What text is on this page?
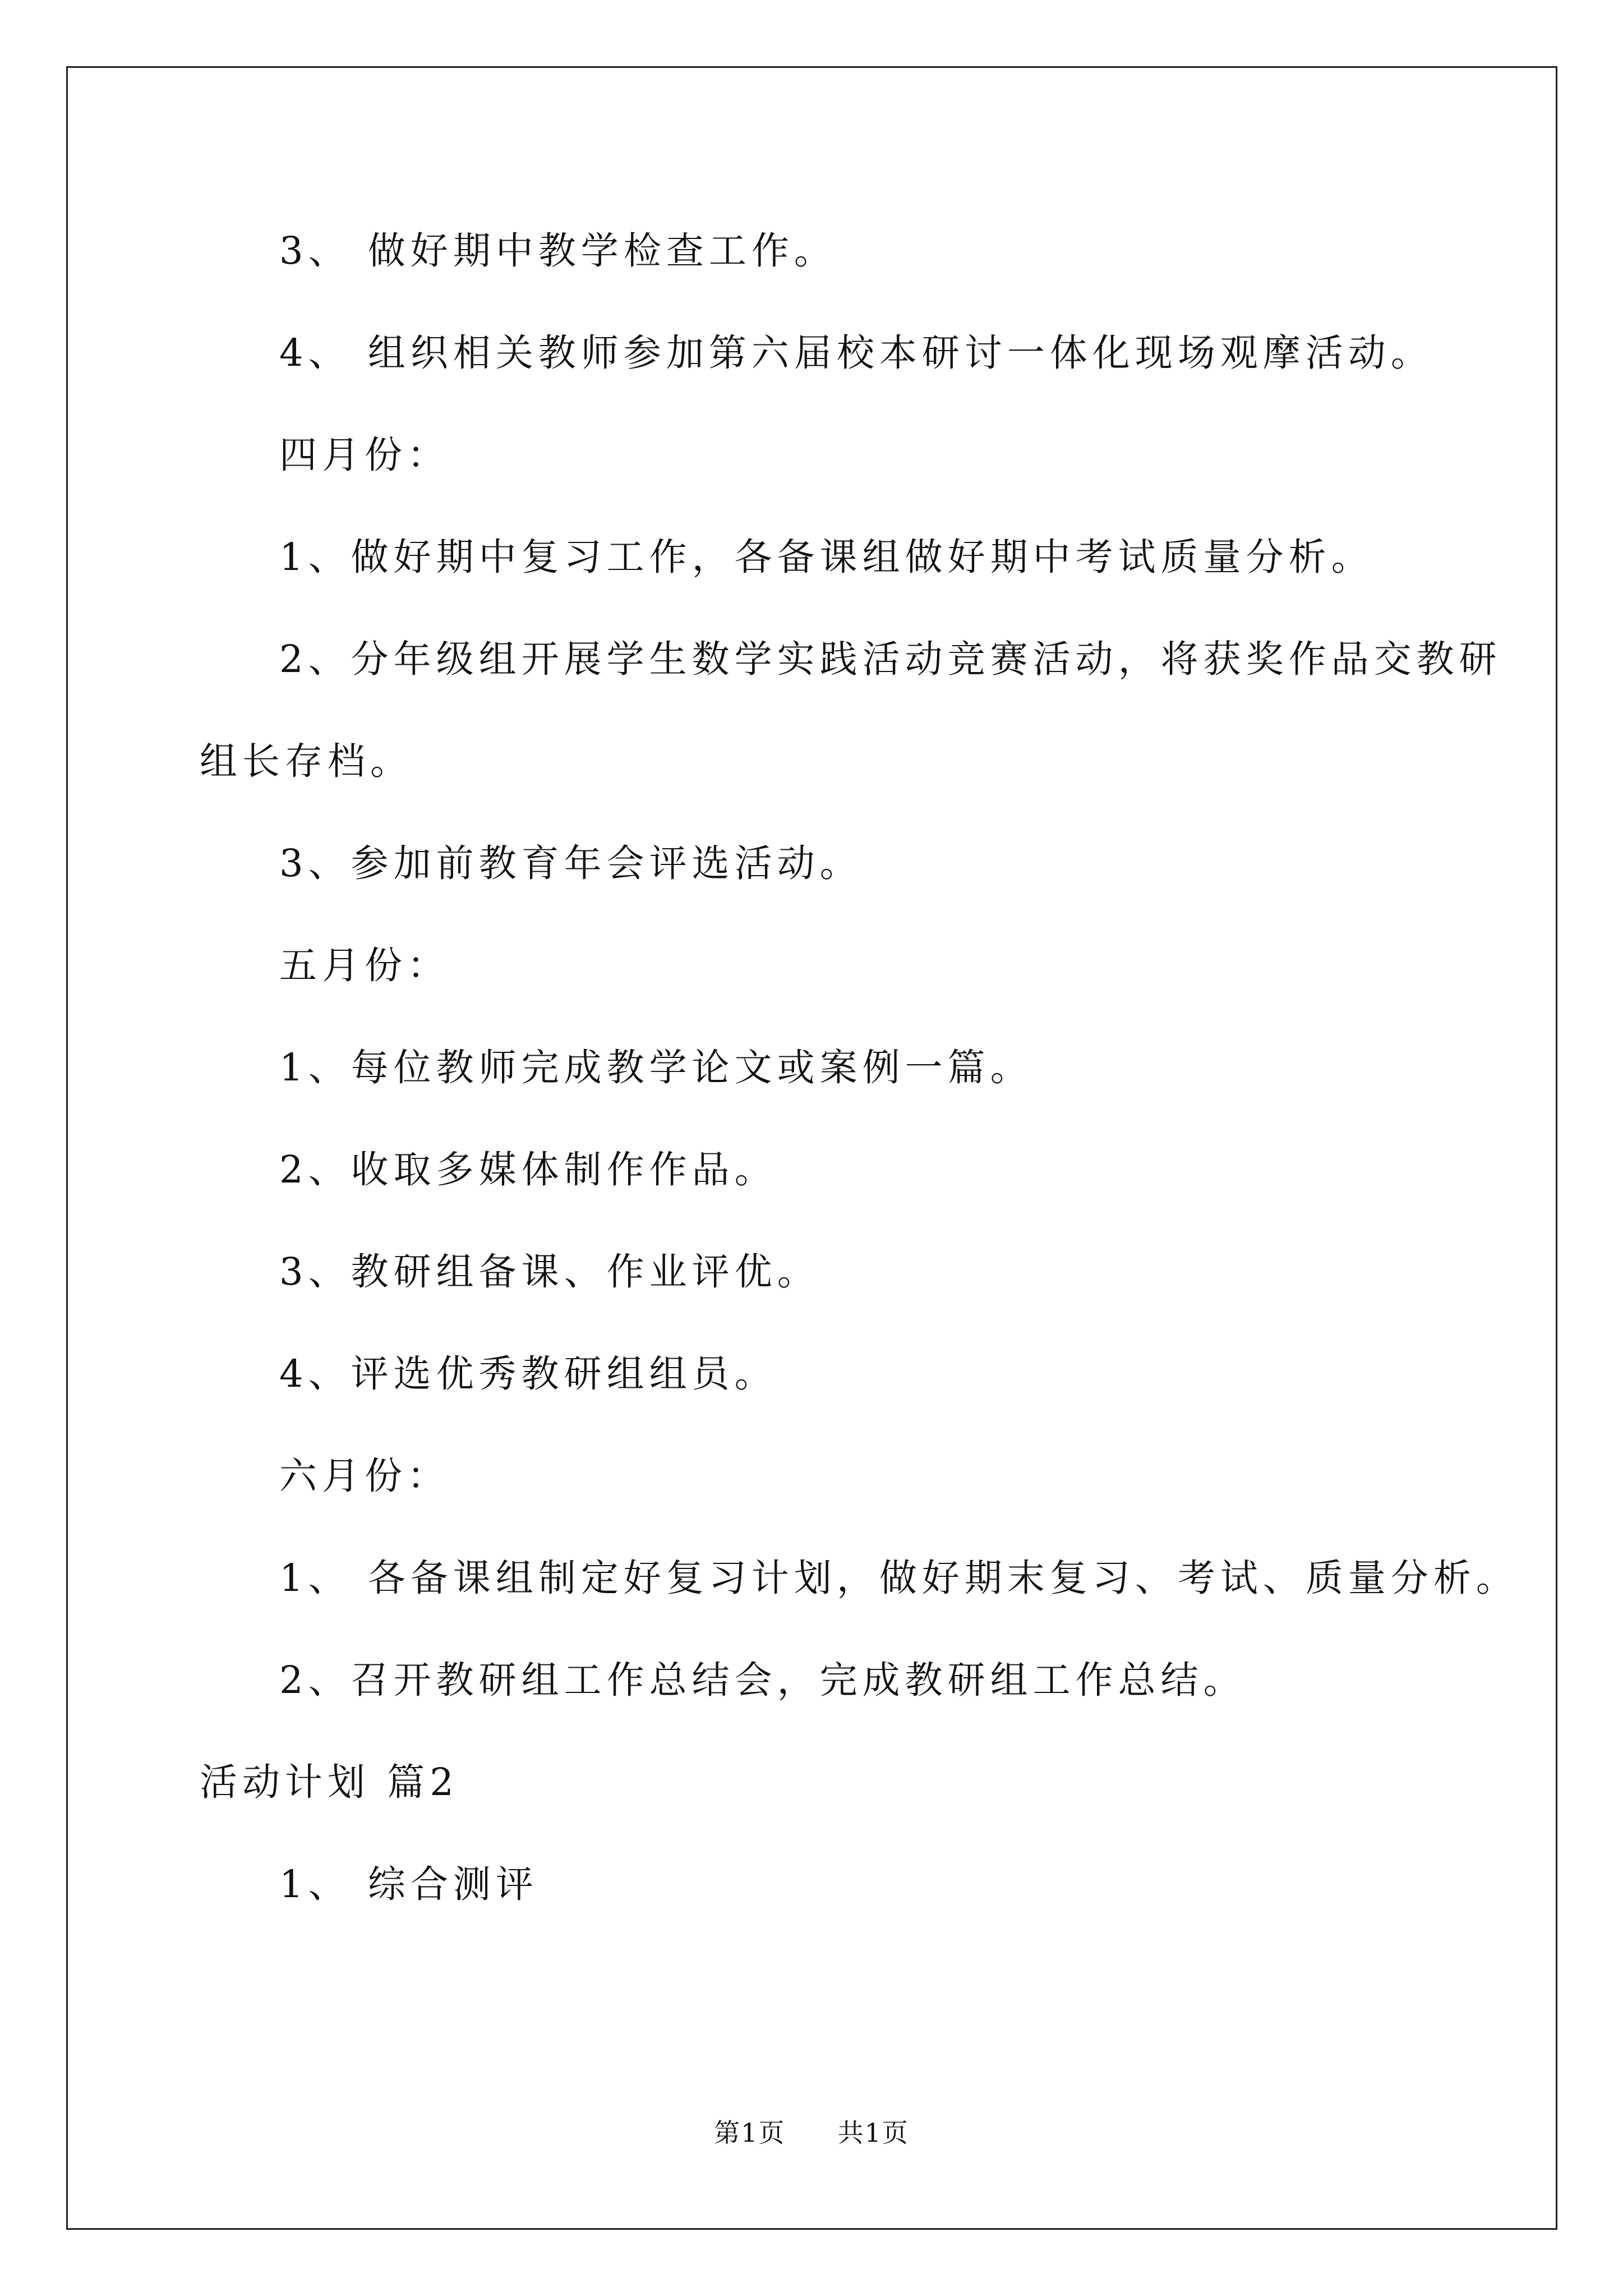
3、 做好期中教学检查工作。
4、 组织相关教师参加第六届校本研讨一体化现场观摩活动。
四月份：
1、做好期中复习工作，各备课组做好期中考试质量分析。
2、分年级组开展学生数学实践活动竞赛活动，将获奖作品交教研
组长存档。
3、参加前教育年会评选活动。
五月份：
1、每位教师完成教学论文或案例一篇。
2、收取多媒体制作作品。
3、教研组备课、作业评优。
4、评选优秀教研组组员。
六月份：
1、 各备课组制定好复习计划，做好期末复习、考试、质量分析。
2、召开教研组工作总结会，完成教研组工作总结。
活动计划 篇2
1、 综合测评
第1页 共1页
